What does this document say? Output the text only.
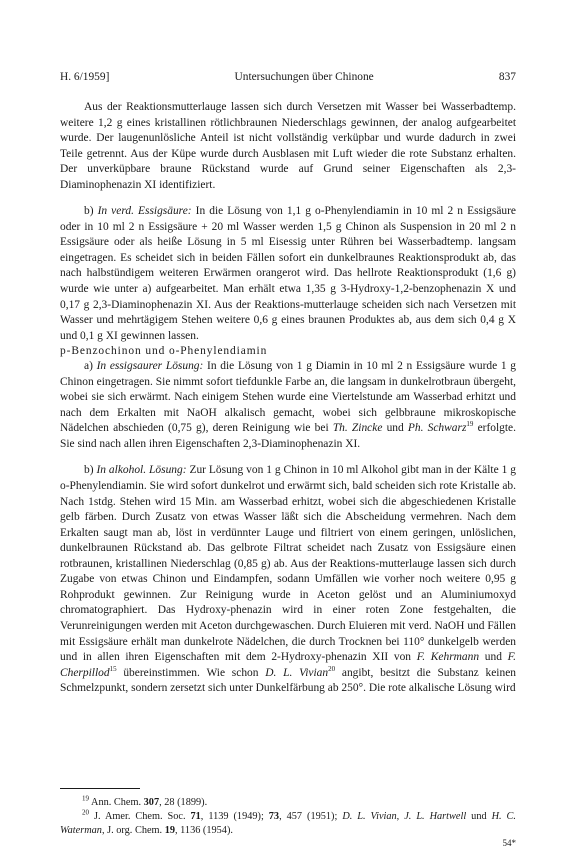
H. 6/1959]	Untersuchungen über Chinone	837

Aus der Reaktionsmutterlauge lassen sich durch Versetzen mit Wasser bei Wasserbadtemp. weitere 1,2 g eines kristallinen rötlichbraunen Niederschlags gewinnen, der analog aufgearbeitet wurde. Der laugenunlösliche Anteil ist nicht vollständig verküpbar und wurde dadurch in zwei Teile getrennt. Aus der Küpe wurde durch Ausblasen mit Luft wieder die rote Substanz erhalten. Der unverküpbare braune Rückstand wurde auf Grund seiner Eigenschaften als 2,3-Diaminophenazin XI identifiziert.

b) In verd. Essigsäure: In die Lösung von 1,1 g o-Phenylendiamin in 10 ml 2 n Essigsäure oder in 10 ml 2 n Essigsäure + 20 ml Wasser werden 1,5 g Chinon als Suspension in 20 ml 2 n Essigsäure oder als heiße Lösung in 5 ml Eisessig unter Rühren bei Wasserbadtemp. langsam eingetragen. Es scheidet sich in beiden Fällen sofort ein dunkelbraunes Reaktionsprodukt ab, das nach halbstündigem weiteren Erwärmen orangerot wird. Das hellrote Reaktionsprodukt (1,6 g) wurde wie unter a) aufgearbeitet. Man erhält etwa 1,35 g 3-Hydroxy-1,2-benzophenazin X und 0,17 g 2,3-Diaminophenazin XI. Aus der Reaktions-mutterlauge scheiden sich nach Versetzen mit Wasser und mehrtägigem Stehen weitere 0,6 g eines braunen Produktes ab, aus dem sich 0,4 g X und 0,1 g XI gewinnen lassen.

p-Benzochinon und o-Phenylendiamin

a) In essigsaurer Lösung: In die Lösung von 1 g Diamin in 10 ml 2 n Essigsäure wurde 1 g Chinon eingetragen. Sie nimmt sofort tiefdunkle Farbe an, die langsam in dunkelrotbraun übergeht, wobei sie sich erwärmt. Nach einigem Stehen wurde eine Viertelstunde am Wasserbad erhitzt und nach dem Erkalten mit NaOH alkalisch gemacht, wobei sich gelbbraune mikroskopische Nädelchen abschieden (0,75 g), deren Reinigung wie bei Th. Zincke und Ph. Schwarz$^{19}$ erfolgte. Sie sind nach allen ihren Eigenschaften 2,3-Diaminophenazin XI.

b) In alkohol. Lösung: Zur Lösung von 1 g Chinon in 10 ml Alkohol gibt man in der Kälte 1 g o-Phenylendiamin. Sie wird sofort dunkelrot und erwärmt sich, bald scheiden sich rote Kristalle ab. Nach 1stdg. Stehen wird 15 Min. am Wasserbad erhitzt, wobei sich die abgeschiedenen Kristalle gelb färben. Durch Zusatz von etwas Wasser läßt sich die Abscheidung vermehren. Nach dem Erkalten saugt man ab, löst in verdünnter Lauge und filtriert von einem geringen, unlöslichen, dunkelbraunen Rückstand ab. Das gelbrote Filtrat scheidet nach Zusatz von Essigsäure einen rotbraunen, kristallinen Niederschlag (0,85 g) ab. Aus der Reaktions-mutterlauge lassen sich durch Zugabe von etwas Chinon und Eindampfen, sodann Umfällen wie vorher noch weitere 0,95 g Rohprodukt gewinnen. Zur Reinigung wurde in Aceton gelöst und an Aluminiumoxyd chromatographiert. Das Hydroxy-phenazin wird in einer roten Zone festgehalten, die Verunreinigungen werden mit Aceton durchgewaschen. Durch Eluieren mit verd. NaOH und Fällen mit Essigsäure erhält man dunkelrote Nädelchen, die durch Trocknen bei 110° dunkelgelb werden und in allen ihren Eigenschaften mit dem 2-Hydroxy-phenazin XII von F. Kehrmann und F. Cherpillod$^{15}$ übereinstimmen. Wie schon D. L. Vivian$^{20}$ angibt, besitzt die Substanz keinen Schmelzpunkt, sondern zersetzt sich unter Dunkelfärbung ab 250°. Die rote alkalische Lösung wird

$^{19}$ Ann. Chem. 307, 28 (1899).

$^{20}$ J. Amer. Chem. Soc. 71, 1139 (1949); 73, 457 (1951); D. L. Vivian, J. L. Hartwell und H. C. Waterman, J. org. Chem. 19, 1136 (1954).

54*
